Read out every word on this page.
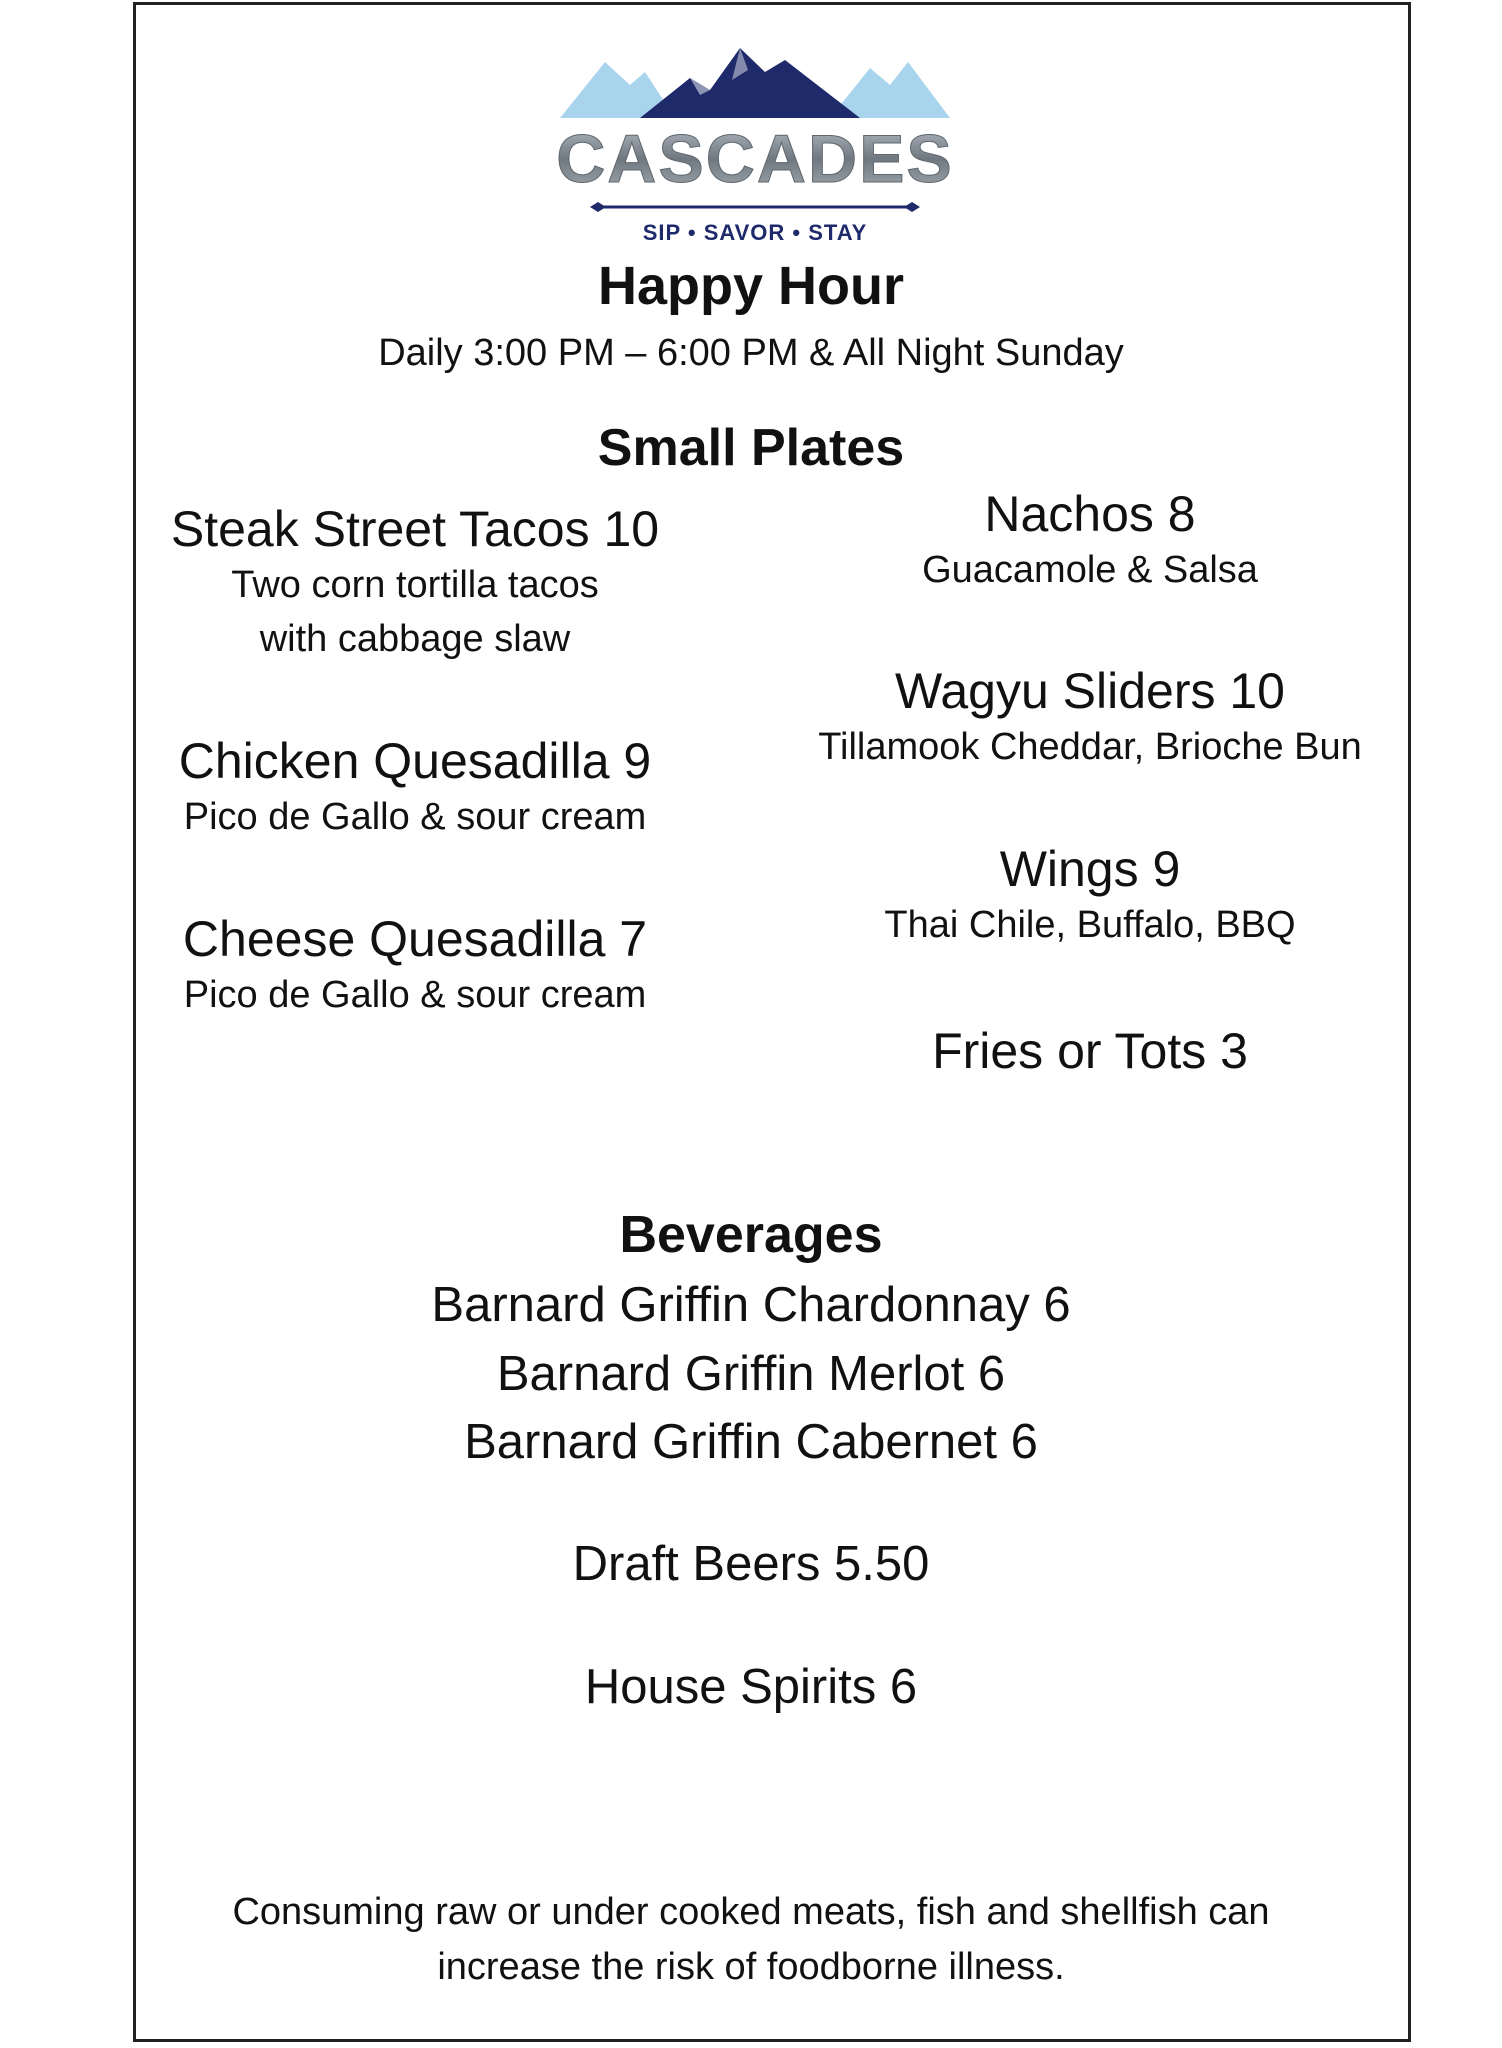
CASCADES
SIP • SAVOR • STAY
Happy Hour
Daily 3:00 PM – 6:00 PM & All Night Sunday
Small Plates
Steak Street Tacos 10
Two corn tortilla tacos
with cabbage slaw
Chicken Quesadilla 9
Pico de Gallo & sour cream
Cheese Quesadilla 7
Pico de Gallo & sour cream
Nachos 8
Guacamole & Salsa
Wagyu Sliders 10
Tillamook Cheddar, Brioche Bun
Wings 9
Thai Chile, Buffalo, BBQ
Fries or Tots 3
Beverages
Barnard Griffin Chardonnay 6
Barnard Griffin Merlot 6
Barnard Griffin Cabernet 6
Draft Beers 5.50
House Spirits 6
Consuming raw or under cooked meats, fish and shellfish can
increase the risk of foodborne illness.
